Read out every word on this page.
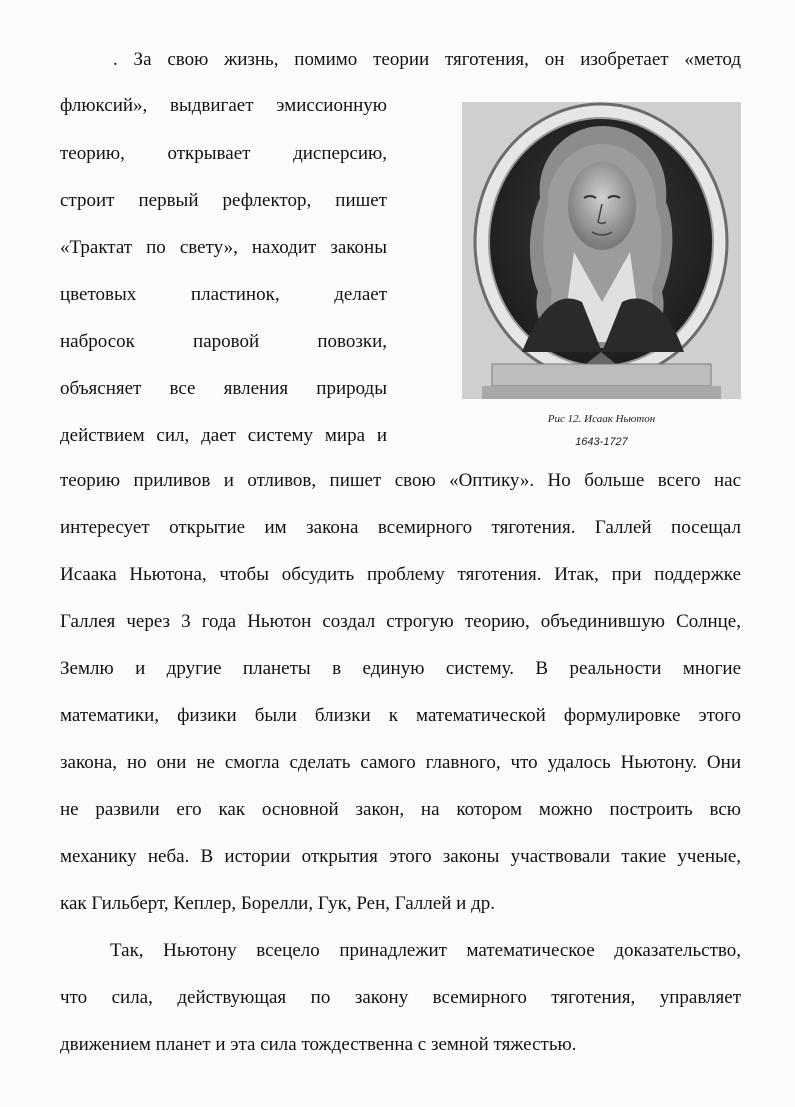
. За свою жизнь, помимо теории тяготения, он изобретает «метод
флюксий», выдвигает эмиссионную
теорию, открывает дисперсию,
строит первый рефлектор, пишет
«Трактат по свету», находит законы
цветовых пластинок, делает
набросок паровой повозки,
объясняет все явления природы
действием сил, дает систему мира и
теорию приливов и отливов, пишет свою «Оптику». Но больше всего нас
интересует открытие им закона всемирного тяготения. Галлей посещал
Исаака Ньютона, чтобы обсудить проблему тяготения. Итак, при поддержке
Галлея через 3 года Ньютон создал строгую теорию, объединившую Солнце,
Землю и другие планеты в единую систему. В реальности многие
математики, физики были близки к математической формулировке этого
закона, но они не смогла сделать самого главного, что удалось Ньютону. Они
не развили его как основной закон, на котором можно построить всю
механику неба. В истории открытия этого законы участвовали такие ученые,
как Гильберт, Кеплер, Борелли, Гук, Рен, Галлей и др.
Так, Ньютону всецело принадлежит математическое доказательство,
что сила, действующая по закону всемирного тяготения, управляет
движением планет и эта сила тождественна с земной тяжестью.
Рис 12. Исаак Ньютон
1643-1727
